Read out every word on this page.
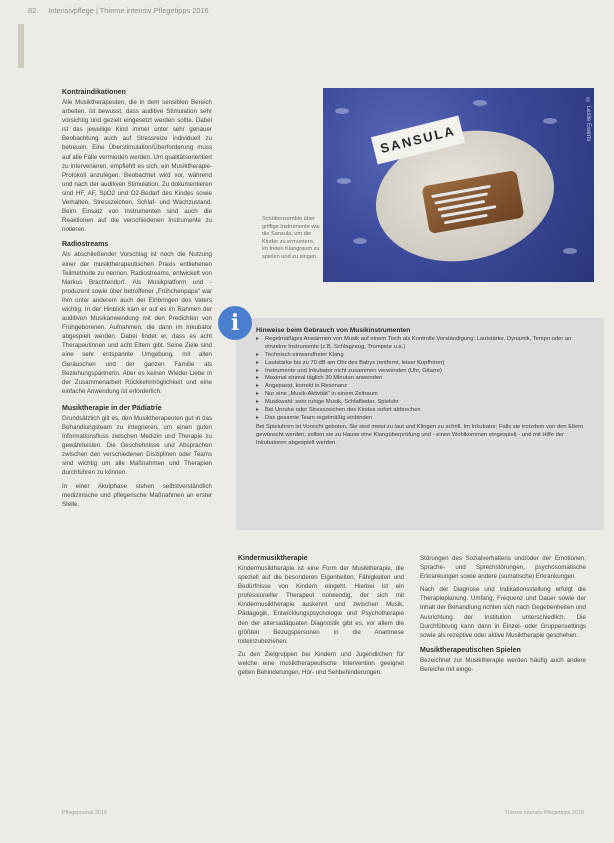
82 Intensivpflege | Thieme intensiv Pflegetipps 2016
Kontraindikationen

Alle Musiktherapeuten, die in dem sensiblen Bereich arbeiten, ist bewusst, dass auditive Stimulation sehr vorsichtig und gezielt eingesetzt werden sollte. Dabei ist das jeweilige Kind immer unter sehr genauer Beobachtung auch auf Stressreize individuell zu betreuen. Eine Überstimulation/Überforderung muss auf alle Fälle vermieden werden. Um qualitätsorientiert zu intervenieren, empfiehlt es sich, ein Musiktherapie-Protokoll anzulegen. Beobachtet wird vor, während und nach der auditiven Stimulation. Zu dokumentieren sind HF, AF, SpO2 und O2-Bedarf des Kindes sowie Verhalten, Stresszeichen, Schlaf- und Wachzustand. Beim Einsatz von Instrumenten sind auch die Reaktionen auf die verschiedenen Instrumente zu notieren.

Radiostreams

Als abschließender Vorschlag ist noch die Nutzung einer der musiktherapeutischen Praxis entliehenen Teilmethode zu nennen. Radiostreams, entwickelt von Markus Brachtendorf. Als Musikplatform und -produzent sowie über betroffener „Frühchenpapa“ war ihm unter anderem auch der Einbringen des Vaters wichtig. In der Hinblick kam er auf es im Rahmen der auditiven Musikanwendung mit den Predichten von Frühgeborenen. Aufnahmen, die dann im Inkubator abgespielt werden. Dabei findet er, dass es acht Therapeutinnen und acht Eltern gibt. Seine Ziele sind eine sehr entspannte Umgebung, mit allen Geräuschen und der ganzen Familie als Beziehungspartnerin. Aber es keinen Wieder-Liebe in der Zusammenarbeit Rückkehrmöglichkeit und eine einfache Anwendung ist erforderlich.

Musiktherapie in der Pädiatrie

Grundsätzlich gilt es, den Musiktherapeuten gut in das Behandlungsteam zu integrieren, um einen guten Informationsfluss zwischen Medizin und Therapie zu gewährleisten. Die Geschehnisse und Absprachen zwischen den verschiedenen Disziplinen oder Teams sind wichtig um alle Maßnahmen und Therapien durchführen zu können.

In einer Akutphase stehen selbstverständlich medizinische und pflegerische Maßnahmen an erster Stelle.

SANSULA	© Leslie Ewerts
Schüttensemble über griffige Instrumente wie die Sansula, um die Kinder zu ermuntern, im freien Klangraum zu spielen und zu singen.
Hinweise beim Gebrauch von Musikinstrumenten
▸ Regelmäßiges Anwärmen von Musik auf einem Tisch als Kontrolle Verständigung: Lautstärke, Dynamik, Tempo oder an einzelne Instrumente (z.B. Schlagzeug, Trompete u.a.)
▸ Technisch einwandfreier Klang
▸ Lautstärke bis zu 70 dB am Ohr des Babys (entfernt, leiser Kopfhörer)
▸ Instrumente und Inkubator nicht zusammen verwenden (Uhr, Gitarre)
▸ Maximal einmal täglich 30 Minuten anwenden
▸ Angepasst, korrekt in Resonanz
▸ Nur eine „Musik-Aktivität“ in einem Zeitraum
▸ Musikwahl: sehr ruhige Musik, Schlaflieder, Spieluhr
▸ Bei Unruhe oder Stresszeichen des Kindes sofort abbrechen
▸ Das gesamte Team regelmäßig einbinden
Bei Spieluhren ist Vorsicht geboten. Sie sind meist zu laut und Klingen zu schrill. Im Inkubator: Falls sie trotzdem von den Eltern gewünscht werden, sollten sie zu Hause eine Klangüberprüfung und - einen Wohlkommen eingespielt - und mit Hilfe der Inkubatoren abgespielt werden.
i
Kindermusiktherapie

Kindermusiktherapie ist eine Form der Musiktherapie, die speziell auf die besonderen Eigenheiten, Fähigkeiten und Bedürfnisse von Kindern eingeht. Hierbei ist ein professioneller Therapeut notwendig, der sich mit Kindermusiktherapie auskennt und zwischen Musik, Pädagogik, Entwicklungspsychologie und Psychotherapie den der altersadäquaten Diagnostik gibt es, vor allem die größten Bezugspersonen in die Anamnese miteinzubeziehen.

Zu den Zielgruppen bei Kindern und Jugendlichen für welche eine musiktherapeutische Intervention geeignet gelten Behinderungen, Hör- und Sehbehinderungen.

Störungen des Sozialverhaltens und/oder der Emotionen, Sprache- und Sprechstörungen, psychosomatische Erkrankungen sowie andere (somatische) Erkrankungen.

Nach der Diagnose und Indikationsstellung erfolgt die Therapieplanung. Umfang, Frequenz und Dauer sowie der Inhalt der Behandlung richten sich nach Gegebenheiten und Ausrichtung der Institution unterschiedlich. Die Durchführung kann dann in Einzel- oder Gruppensettings sowie als rezeptive oder aktive Musiktherapie geschehen.

Musiktherapeutischen Spielen

Bezeichnet zur Musiktherapie werden häufig auch andere Bereiche mit einge-

Pflegejournal 2016	Thieme intensiv Pflegetipps 2016
